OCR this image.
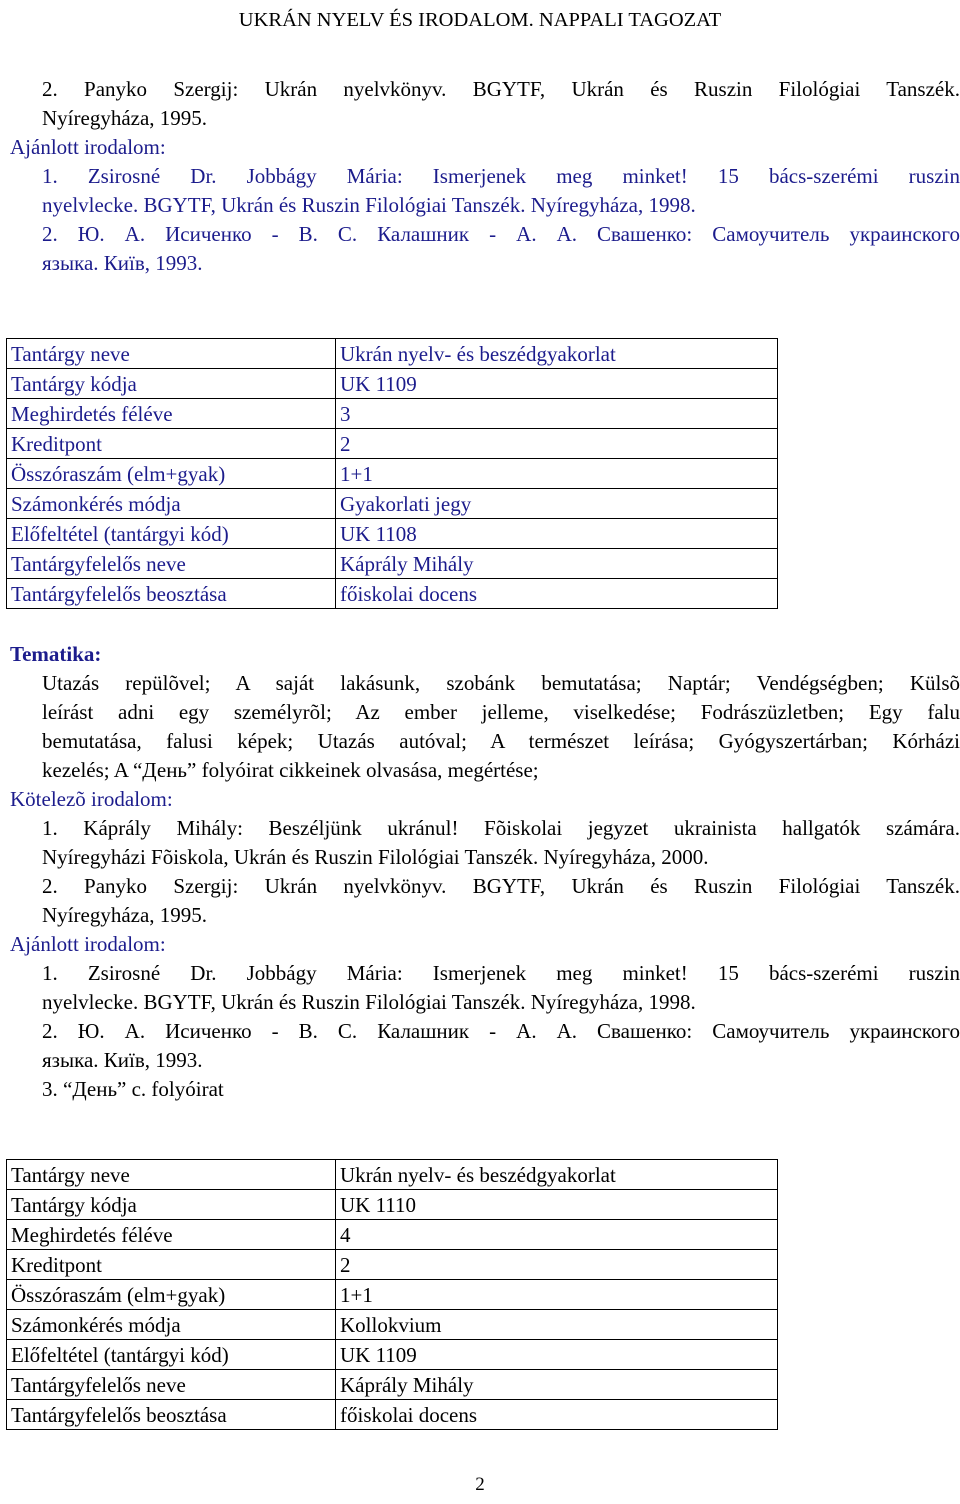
UKRÁN NYELV ÉS IRODALOM. NAPPALI TAGOZAT

2. Panyko Szergij: Ukrán nyelvkönyv. BGYTF, Ukrán és Ruszin Filológiai Tanszék.

Nyíregyháza, 1995.

Ajánlott irodalom:

1. Zsirosné Dr. Jobbágy Mária: Ismerjenek meg minket! 15 bács-szerémi ruszin

nyelvlecke. BGYTF, Ukrán és Ruszin Filológiai Tanszék. Nyíregyháza, 1998.

2. Ю. А. Исиченко - В. С. Калашник - А. А. Свашенко: Самоучитель украинского

языка. Київ, 1993.

Tantárgy neve	Ukrán nyelv- és beszédgyakorlat
Tantárgy kódja	UK 1109
Meghirdetés féléve	3
Kreditpont	2
Összóraszám (elm+gyak)	1+1
Számonkérés módja	Gyakorlati jegy
Előfeltétel (tantárgyi kód)	UK 1108
Tantárgyfelelős neve	Káprály Mihály
Tantárgyfelelős beosztása	főiskolai docens

Tematika:

Utazás repülõvel; A saját lakásunk, szobánk bemutatása; Naptár; Vendégségben; Külsõ

leírást adni egy személyrõl; Az ember jelleme, viselkedése; Fodrászüzletben; Egy falu

bemutatása, falusi képek; Utazás autóval; A természet leírása; Gyógyszertárban; Kórházi

kezelés; A “День” folyóirat cikkeinek olvasása, megértése;

Kötelezõ irodalom:

1. Káprály Mihály: Beszéljünk ukránul! Fõiskolai jegyzet ukrainista hallgatók számára.

Nyíregyházi Fõiskola, Ukrán és Ruszin Filológiai Tanszék. Nyíregyháza, 2000.

2. Panyko Szergij: Ukrán nyelvkönyv. BGYTF, Ukrán és Ruszin Filológiai Tanszék.

Nyíregyháza, 1995.

Ajánlott irodalom:

1. Zsirosné Dr. Jobbágy Mária: Ismerjenek meg minket! 15 bács-szerémi ruszin

nyelvlecke. BGYTF, Ukrán és Ruszin Filológiai Tanszék. Nyíregyháza, 1998.

2. Ю. А. Исиченко - В. С. Калашник - А. А. Свашенко: Самоучитель украинского

языка. Київ, 1993.

3. “День” c. folyóirat

Tantárgy neve	Ukrán nyelv- és beszédgyakorlat
Tantárgy kódja	UK 1110
Meghirdetés féléve	4
Kreditpont	2
Összóraszám (elm+gyak)	1+1
Számonkérés módja	Kollokvium
Előfeltétel (tantárgyi kód)	UK 1109
Tantárgyfelelős neve	Káprály Mihály
Tantárgyfelelős beosztása	főiskolai docens
2
